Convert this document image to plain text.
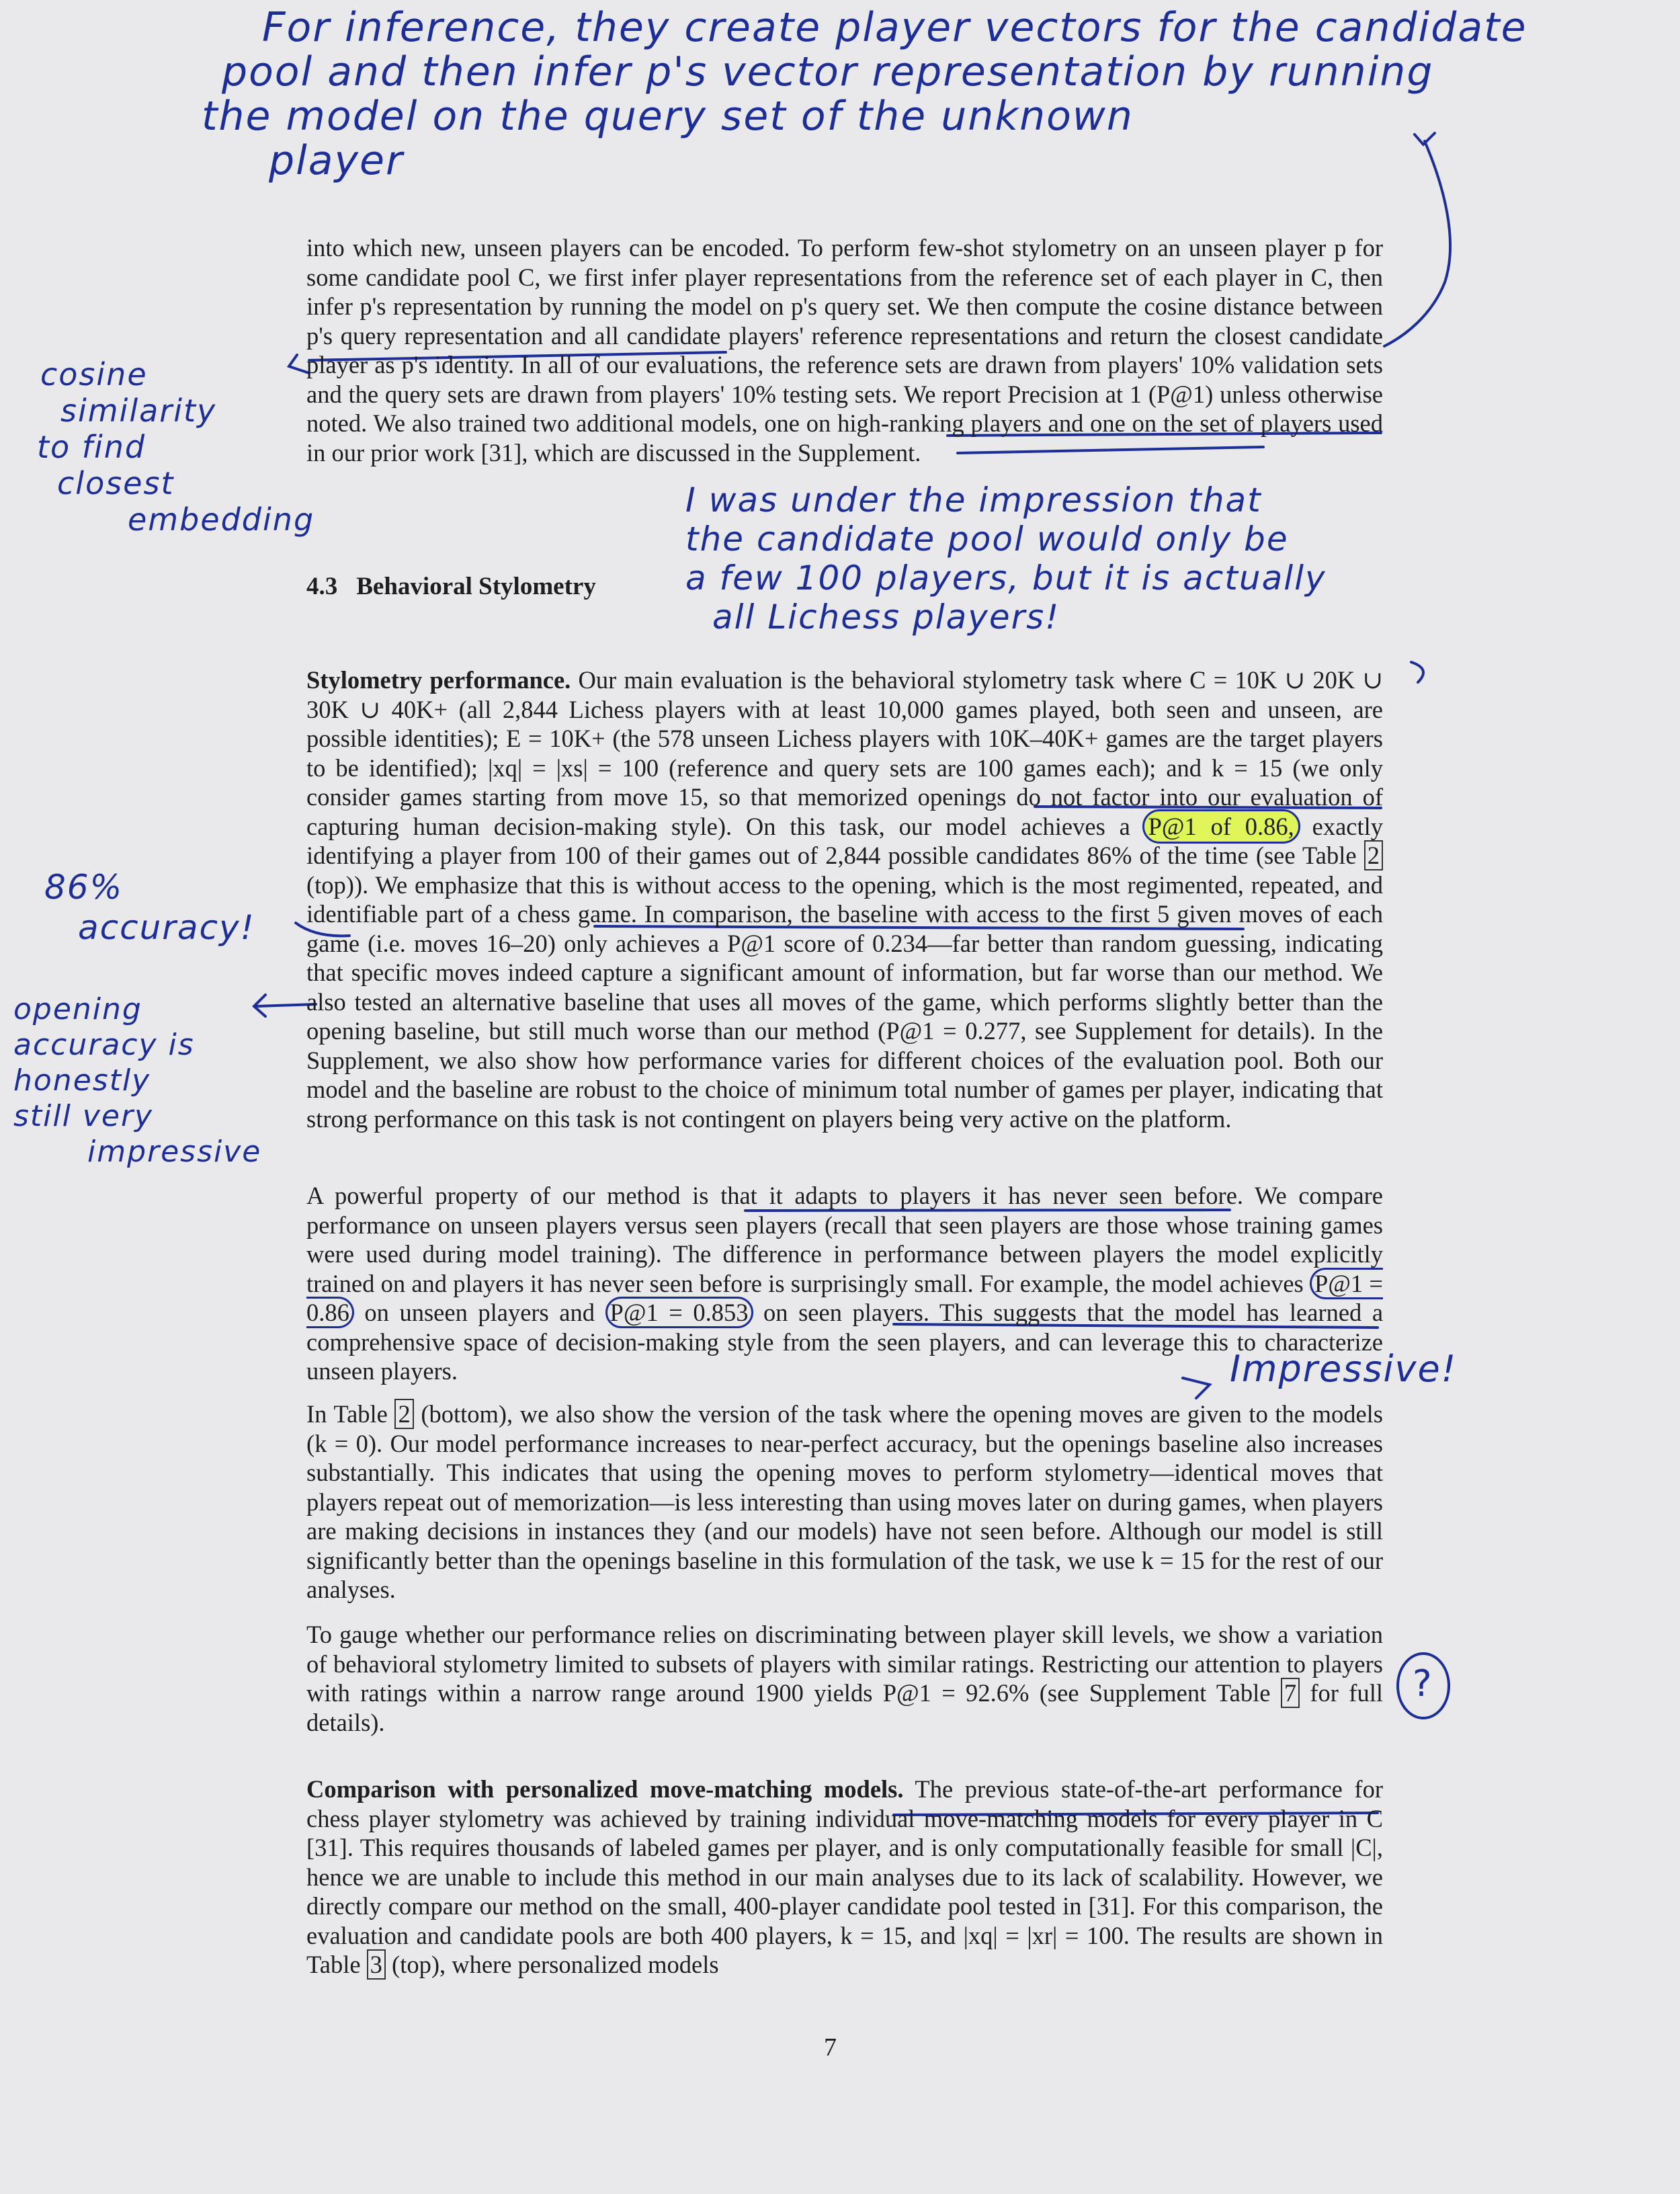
For inference, they create player vectors for the candidate
pool and then infer p's vector representation by running
the model on the query set of the unknown
player
cosine
similarity
to find
closest
embedding	I was under the impression that
the candidate pool would only be
a few 100 players, but it is actually
all Lichess players!
86%
accuracy!
opening
accuracy is
honestly
still very
impressive
Impressive!
?

into which new, unseen players can be encoded. To perform few-shot stylometry on an unseen player p for some candidate pool C, we first infer player representations from the reference set of each player in C, then infer p's representation by running the model on p's query set. We then compute the cosine distance between p's query representation and all candidate players' reference representations and return the closest candidate player as p's identity. In all of our evaluations, the reference sets are drawn from players' 10% validation sets and the query sets are drawn from players' 10% testing sets. We report Precision at 1 (P@1) unless otherwise noted. We also trained two additional models, one on high-ranking players and one on the set of players used in our prior work [31], which are discussed in the Supplement.

4.3 Behavioral Stylometry

Stylometry performance. Our main evaluation is the behavioral stylometry task where C = 10K ∪ 20K ∪ 30K ∪ 40K+ (all 2,844 Lichess players with at least 10,000 games played, both seen and unseen, are possible identities); E = 10K+ (the 578 unseen Lichess players with 10K–40K+ games are the target players to be identified); |xq| = |xs| = 100 (reference and query sets are 100 games each); and k = 15 (we only consider games starting from move 15, so that memorized openings do not factor into our evaluation of capturing human decision-making style). On this task, our model achieves a P@1 of 0.86, exactly identifying a player from 100 of their games out of 2,844 possible candidates 86% of the time (see Table 2 (top)). We emphasize that this is without access to the opening, which is the most regimented, repeated, and identifiable part of a chess game. In comparison, the baseline with access to the first 5 given moves of each game (i.e. moves 16–20) only achieves a P@1 score of 0.234—far better than random guessing, indicating that specific moves indeed capture a significant amount of information, but far worse than our method. We also tested an alternative baseline that uses all moves of the game, which performs slightly better than the opening baseline, but still much worse than our method (P@1 = 0.277, see Supplement for details). In the Supplement, we also show how performance varies for different choices of the evaluation pool. Both our model and the baseline are robust to the choice of minimum total number of games per player, indicating that strong performance on this task is not contingent on players being very active on the platform.

A powerful property of our method is that it adapts to players it has never seen before. We compare performance on unseen players versus seen players (recall that seen players are those whose training games were used during model training). The difference in performance between players the model explicitly trained on and players it has never seen before is surprisingly small. For example, the model achieves P@1 = 0.86 on unseen players and P@1 = 0.853 on seen players. This suggests that the model has learned a comprehensive space of decision-making style from the seen players, and can leverage this to characterize unseen players.

In Table 2 (bottom), we also show the version of the task where the opening moves are given to the models (k = 0). Our model performance increases to near-perfect accuracy, but the openings baseline also increases substantially. This indicates that using the opening moves to perform stylometry—identical moves that players repeat out of memorization—is less interesting than using moves later on during games, when players are making decisions in instances they (and our models) have not seen before. Although our model is still significantly better than the openings baseline in this formulation of the task, we use k = 15 for the rest of our analyses.

To gauge whether our performance relies on discriminating between player skill levels, we show a variation of behavioral stylometry limited to subsets of players with similar ratings. Restricting our attention to players with ratings within a narrow range around 1900 yields P@1 = 92.6% (see Supplement Table 7 for full details).

Comparison with personalized move-matching models. The previous state-of-the-art performance for chess player stylometry was achieved by training individual move-matching models for every player in C [31]. This requires thousands of labeled games per player, and is only computationally feasible for small |C|, hence we are unable to include this method in our main analyses due to its lack of scalability. However, we directly compare our method on the small, 400-player candidate pool tested in [31]. For this comparison, the evaluation and candidate pools are both 400 players, k = 15, and |xq| = |xr| = 100. The results are shown in Table 3 (top), where personalized models

7
